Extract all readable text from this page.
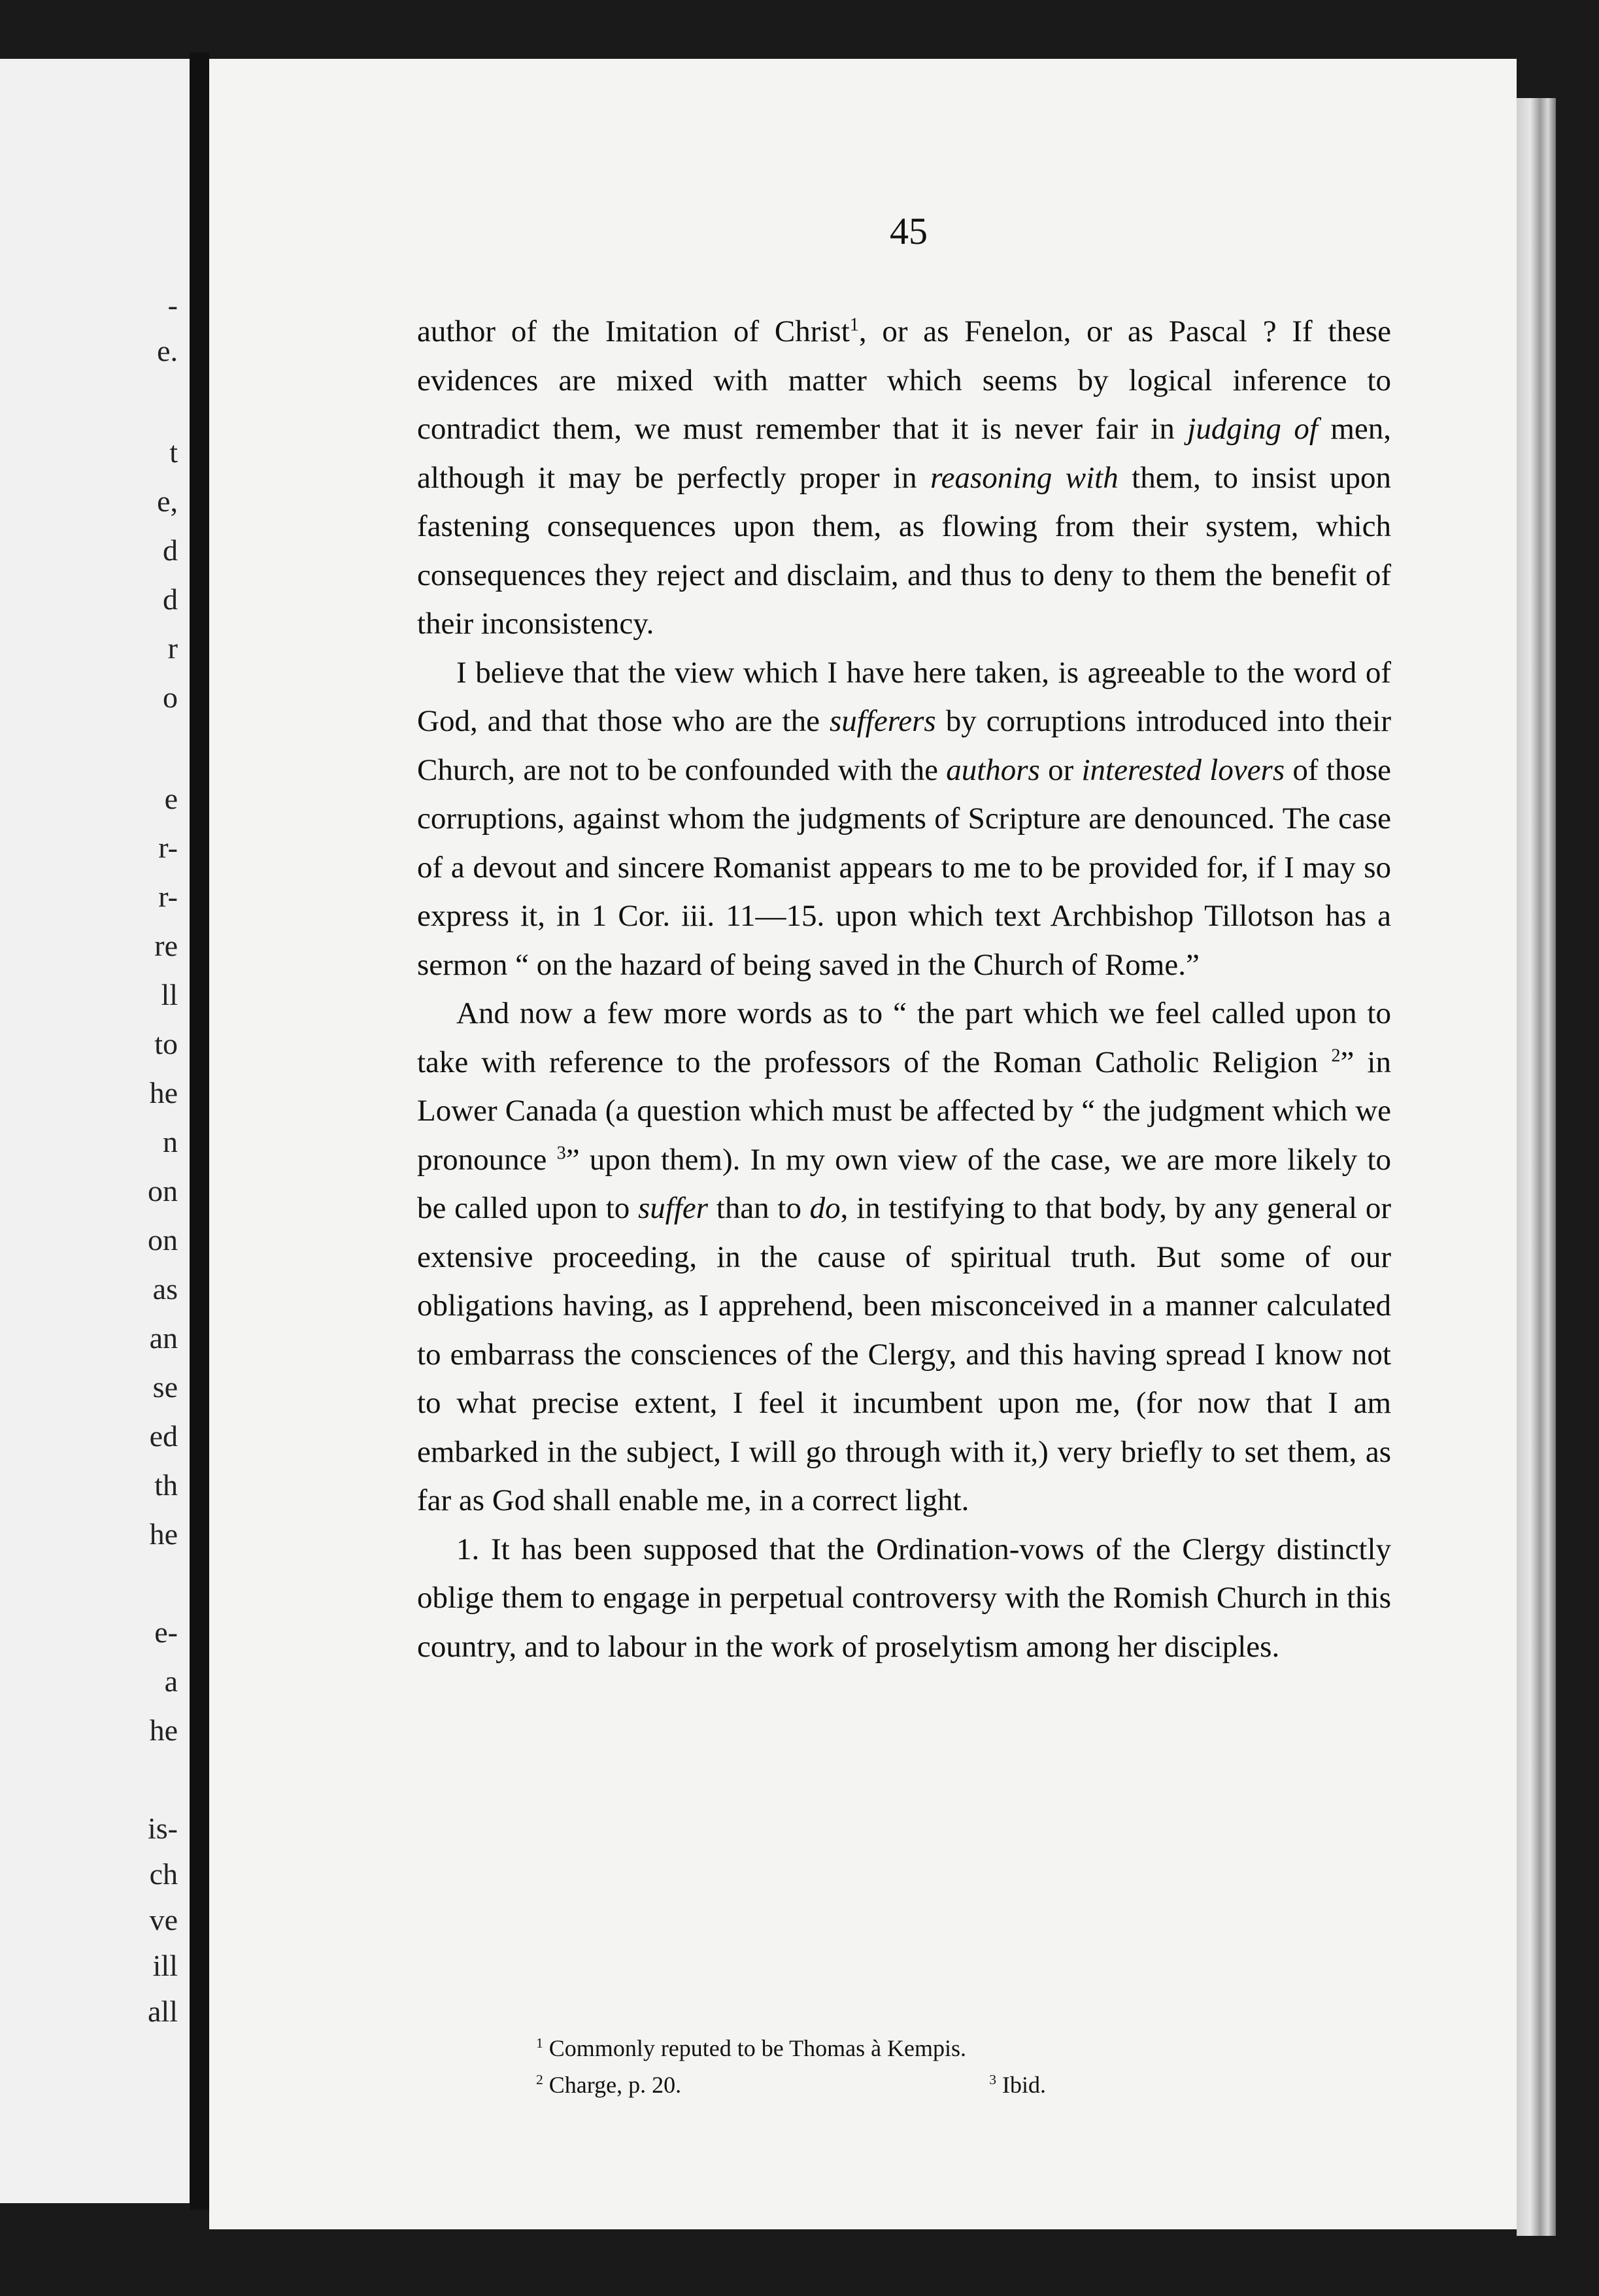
-
e.
t
e,
d
d
r
o
e
r-
r-
re
ll
to
he
n
on
on
as
an
se
ed
th
he
e-
a
he
is-
ch
ve
ill
all
45

author of the Imitation of Christ$^1$, or as Fenelon, or as Pascal ? If these evidences are mixed with matter which seems by logical inference to contradict them, we must remember that it is never fair in judging of men, although it may be perfectly proper in reasoning with them, to insist upon fastening consequences upon them, as flowing from their system, which consequences they reject and disclaim, and thus to deny to them the benefit of their inconsistency.

I believe that the view which I have here taken, is agreeable to the word of God, and that those who are the sufferers by corruptions introduced into their Church, are not to be confounded with the authors or interested lovers of those corruptions, against whom the judgments of Scripture are denounced. The case of a devout and sincere Romanist appears to me to be provided for, if I may so express it, in 1 Cor. iii. 11—15. upon which text Archbishop Tillotson has a sermon “ on the hazard of being saved in the Church of Rome.”

And now a few more words as to “ the part which we feel called upon to take with reference to the professors of the Roman Catholic Religion $^2$” in Lower Canada (a question which must be affected by “ the judgment which we pronounce $^3$” upon them). In my own view of the case, we are more likely to be called upon to suffer than to do, in testifying to that body, by any general or extensive proceeding, in the cause of spiritual truth. But some of our obligations having, as I apprehend, been misconceived in a manner calculated to embarrass the consciences of the Clergy, and this having spread I know not to what precise extent, I feel it incumbent upon me, (for now that I am embarked in the subject, I will go through with it,) very briefly to set them, as far as God shall enable me, in a correct light.

1. It has been supposed that the Ordination-vows of the Clergy distinctly oblige them to engage in perpetual controversy with the Romish Church in this country, and to labour in the work of proselytism among her disciples.

$^1$ Commonly reputed to be Thomas à Kempis.
$^2$ Charge, p. 20.	$^3$ Ibid.
